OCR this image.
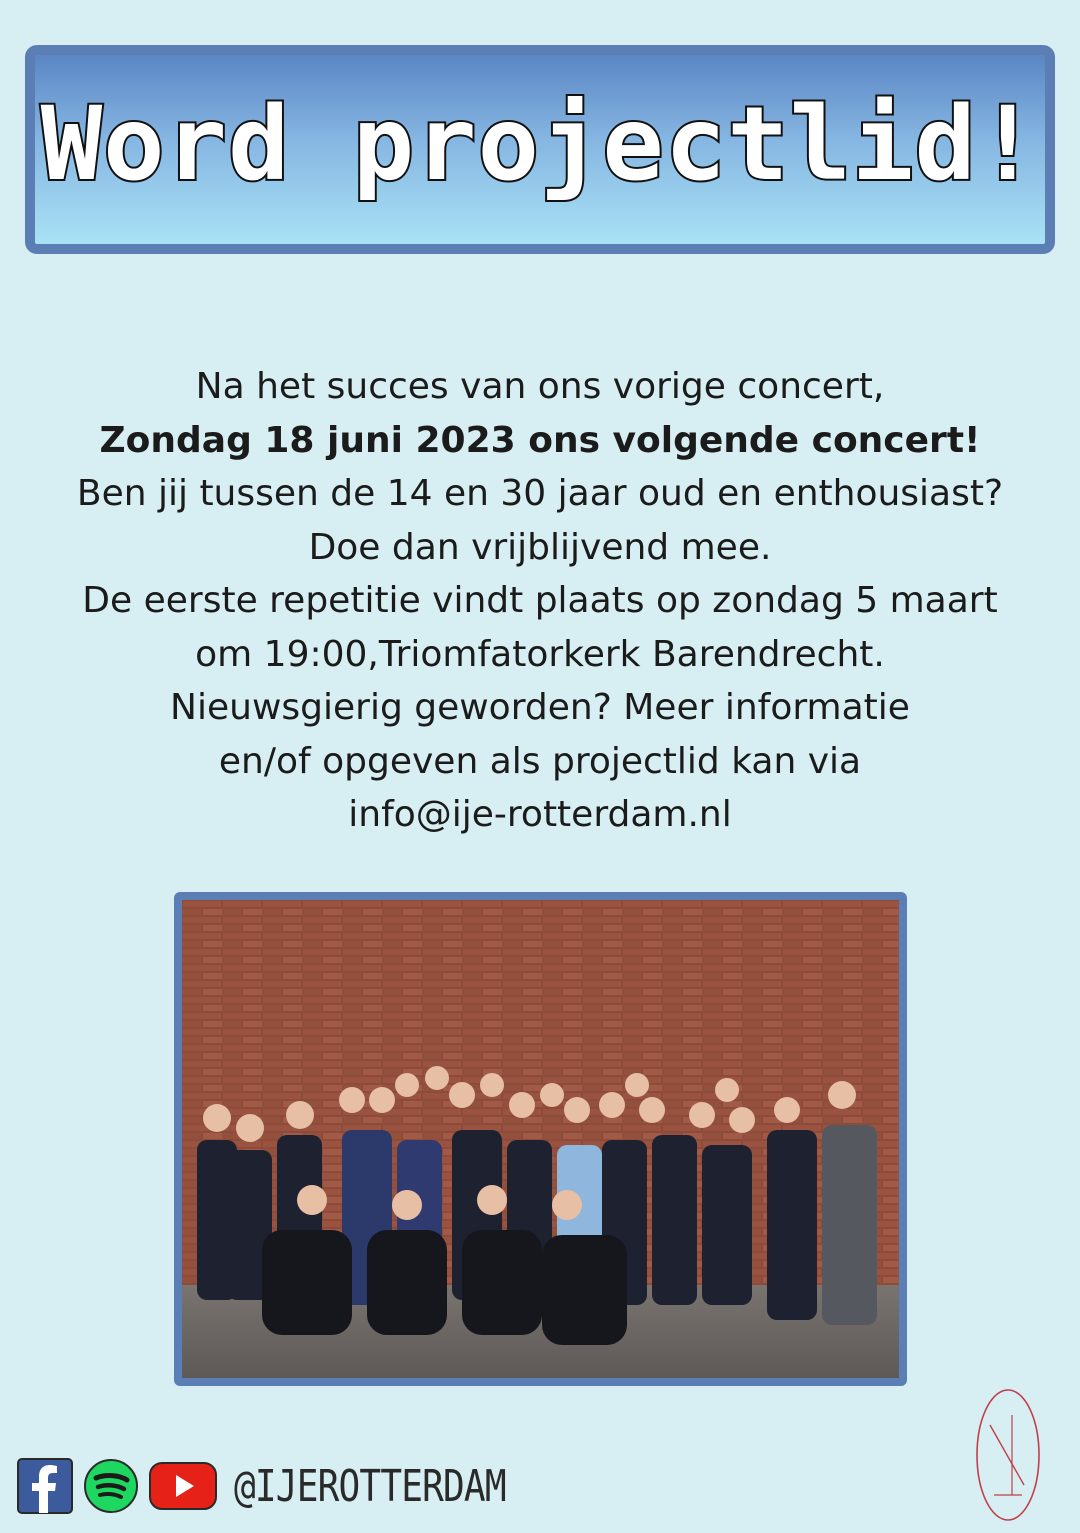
Word projectlid!
Na het succes van ons vorige concert,
Zondag 18 juni 2023 ons volgende concert!
Ben jij tussen de 14 en 30 jaar oud en enthousiast?
Doe dan vrijblijvend mee.
De eerste repetitie vindt plaats op zondag 5 maart
om 19:00,Triomfatorkerk Barendrecht.
Nieuwsgierig geworden? Meer informatie
en/of opgeven als projectlid kan via
info@ije-rotterdam.nl
@IJEROTTERDAM
